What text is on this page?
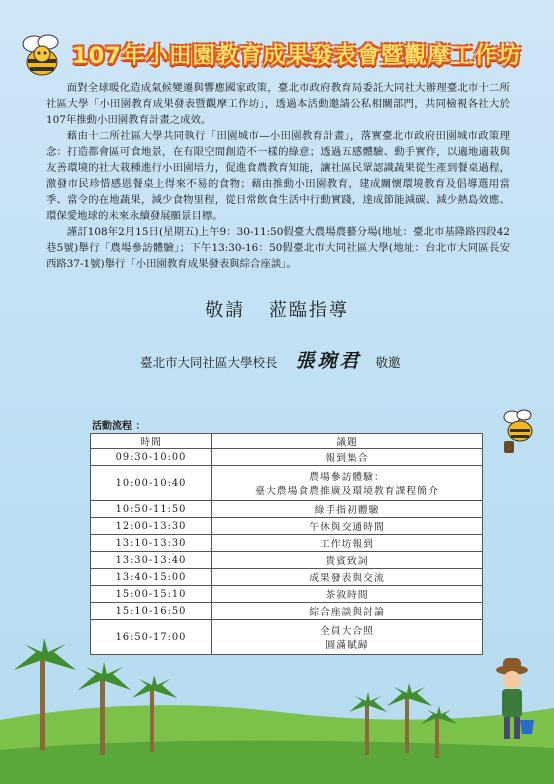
107年小田園教育成果發表會暨觀摩工作坊

面對全球暖化造成氣候變遷與響應國家政策，臺北市政府教育局委託大同社大辦理臺北市十二所社區大學「小田園教育成果發表暨觀摩工作坊」，透過本活動邀請公私相關部門，共同檢視各社大於107年推動小田園教育計畫之成效。

藉由十二所社區大學共同執行「田園城市—小田園教育計畫」，落實臺北市政府田園城市政策理念：打造都會區可食地景，在有限空間創造不一樣的綠意；透過五感體驗、動手實作，以適地適栽與友善環境的社大栽種進行小田園培力，促進食農教育知能，讓社區民眾認識蔬果從生產到餐桌過程，激發市民珍惜感恩餐桌上得來不易的食物；藉由推動小田園教育，建成關懷環境教育及倡導選用當季、當令的在地蔬果，減少食物里程，從日常飲食生活中行動實踐，達成節能減碳、減少熱島效應、環保愛地球的未來永續發展願景目標。

謹訂108年2月15日(星期五)上午9：30-11:50假臺大農場農藝分場(地址：臺北市基隆路四段42巷5號)舉行「農場參訪體驗」；下午13:30-16：50假臺北市大同社區大學(地址：台北市大同區長安西路37-1號)舉行「小田園教育成果發表與綜合座談」。

敬請 蒞臨指導
臺北市大同社區大學校長 張琬君 敬邀
活動流程 ：
時間	議題
09:30-10:00	報到集合
10:00-10:40	農場參訪體驗：
臺大農場食農推廣及環境教育課程簡介

10:50-11:50	綠手指初體驗
12:00-13:30	午休與交通時間
13:10-13:30	工作坊報到
13:30-13:40	貴賓致詞
13:40-15:00	成果發表與交流
15:00-15:10	茶敘時間
15:10-16:50	綜合座談與討論
16:50-17:00	全員大合照
圓滿賦歸
